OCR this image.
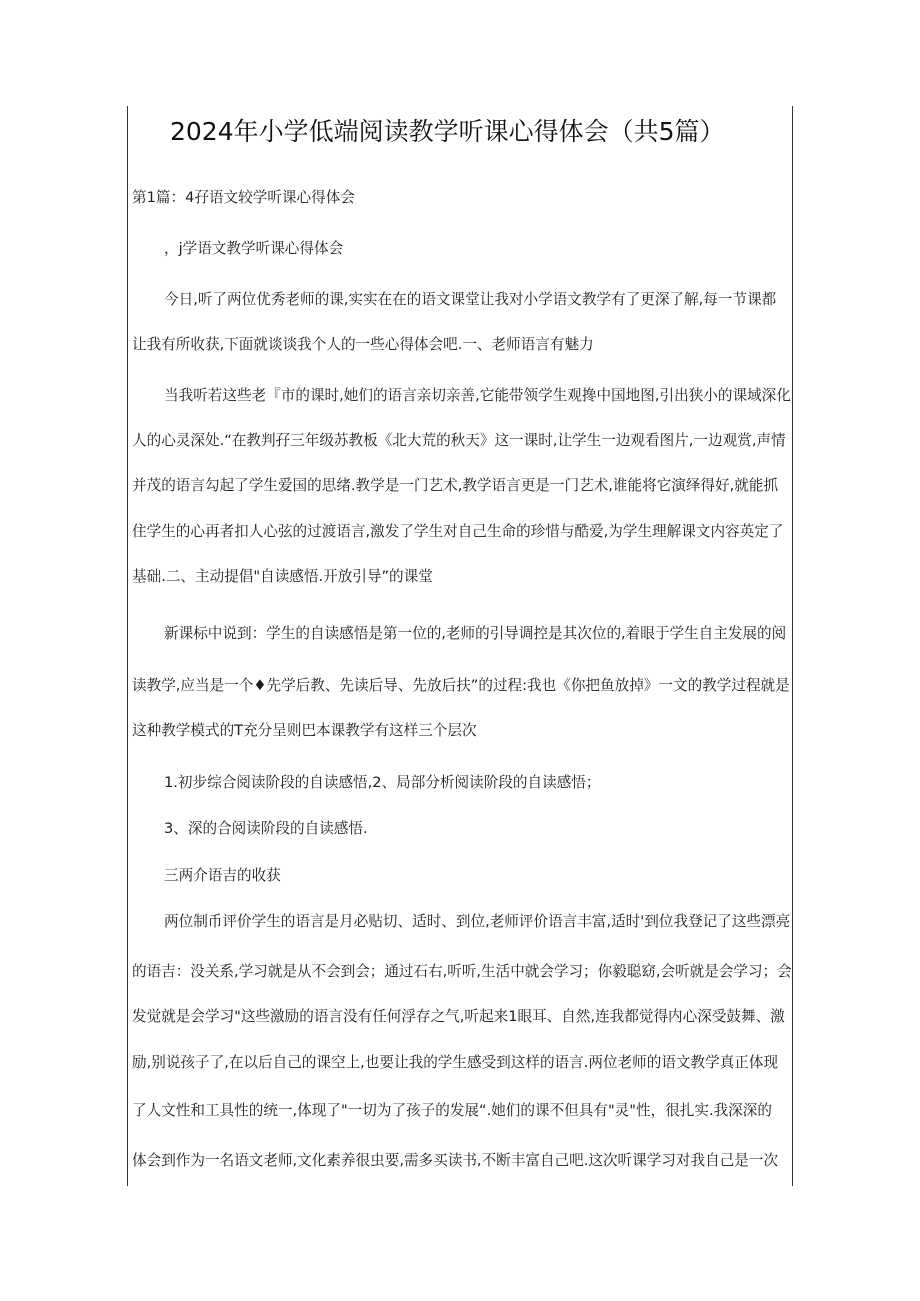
2024年小学低端阅读教学听课心得体会（共5篇）
第1篇：4孖语文较学听课心得体会
，j学语文教学听课心得体会
今日,听了两位优秀老师的课,实实在在的语文课堂让我对小学语文教学有了更深了解,每一节课都
让我有所收获,下面就谈谈我个人的一些心得体会吧.一、老师语言有魅力
当我听若这些老『市的课时,她们的语言亲切亲善,它能带领学生观搀中国地图,引出狭小的课域深化
人的心灵深处.“在教判孖三年级苏教板《北大荒的秋天》这一课时,让学生一边观看图片,一边观赏,声情
并茂的语言勾起了学生爱国的思绪.教学是一门艺术,教学语言更是一门艺术,谁能将它演绎得好,就能抓
住学生的心再者扣人心弦的过渡语言,激发了学生对自己生命的珍惜与酷爱,为学生理解课文内容英定了
基础.二、主动提倡"自读感悟.开放引导”的课堂
新课标中说到：学生的自读感悟是第一位的,老师的引导调控是其次位的,着眼于学生自主发展的阅
读教学,应当是一个♦先学后教、先读后导、先放后扶”的过程:我也《你把鱼放掉》一文的教学过程就是
这种教学模式的T充分呈则巴本课教学有这样三个层次
1.初步综合阅读阶段的自读感悟,2、局部分析阅读阶段的自读感悟；
3、深的合阅读阶段的自读感悟.
三两介语吉的收获
两位制币评价学生的语言是月必贴切、适时、到位,老师评价语言丰富,适时'到位我登记了这些漂亮
的语吉：没关系,学习就是从不会到会；通过石右,听听,生活中就会学习；你毅聪窈,会听就是会学习；会
发觉就是会学习"这些激励的语言没有任何浮存之气,听起来1眼耳、自然,连我都觉得内心深受鼓舞、激
励,别说孩子了,在以后自己的课空上,也要让我的学生感受到这样的语言.两位老师的语文教学真正体现
了人文性和工具性的统一,体现了"一切为了孩子的发展“.她们的课不但具有"灵"性，很扎实.我深深的
体会到作为一名语文老师,文化素养很虫要,需多买读书,不断丰富自己吧.这次听课学习对我自己是一次
